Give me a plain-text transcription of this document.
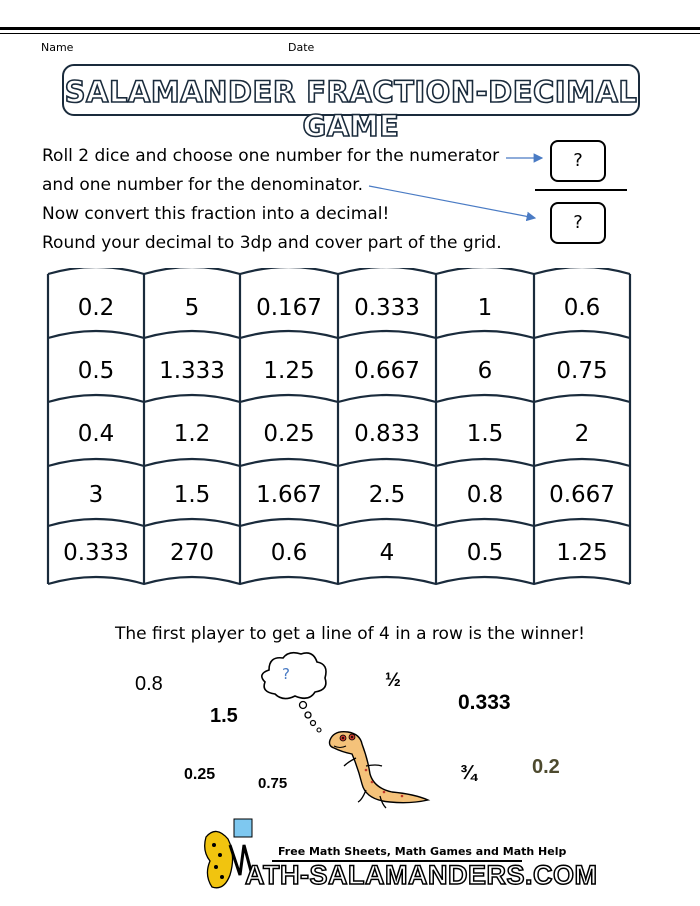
Name	Date
SALAMANDER FRACTION-DECIMAL GAME
Roll 2 dice and choose one number for the numerator
and one number for the denominator.
Now convert this fraction into a decimal!
Round your decimal to 3dp and cover part of the grid.
?
?
0.2	5	0.167	0.333	1	0.6
0.5	1.333	1.25	0.667	6	0.75
0.4	1.2	0.25	0.833	1.5	2
3	1.5	1.667	2.5	0.8	0.667
0.333	270	0.6	4	0.5	1.25
The first player to get a line of 4 in a row is the winner!
0.8
1.5
0.25
0.75
½
0.333
¾	0.2
?
Free Math Sheets, Math Games and Math Help
ATH-SALAMANDERS.COM
